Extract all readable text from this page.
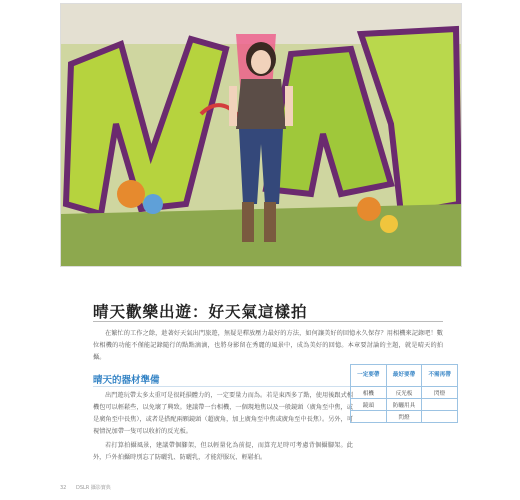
晴天歡樂出遊：好天氣這樣拍
在繁忙的工作之餘，趁著好天氣出門旅遊，無疑是釋放壓力最好的方法，如何讓美好的回憶永久保存？用相機來記錄吧！數位相機的功能不僅能記錄隨行的點點滴滴，也將身影留在秀麗的風景中，成為美好的回憶。本章要討論的主題，就是晴天的拍攝。
晴天的器材準備

出門遊玩帶太多太重可是很耗損體力的，一定要量力而為。若是東西多了點，使用後跟式相機包可以輕鬆些，以免壞了興致。建議帶一台相機，一個現地焦以及一般鏡頭（廣角至中焦，或是廣角至中長焦），或者是搭配兩顆鏡頭（超廣角，加上廣角至中焦或廣角至中長焦）。另外，可視情況加帶一隻可以收折的反光板。

若打算拍攝風景，建議帶個腳架，但以輕量化為前提，而算充足時可考慮背個攝腳架。此外，戶外拍攝時別忘了防曬乳、防曬乳，才能舒服玩、輕鬆拍。

一定要帶	最好要帶	不需再帶
相機	反光板	閃燈
鏡頭	防曬用具	
	閃燈	
32 DSLR 攝影寶典
